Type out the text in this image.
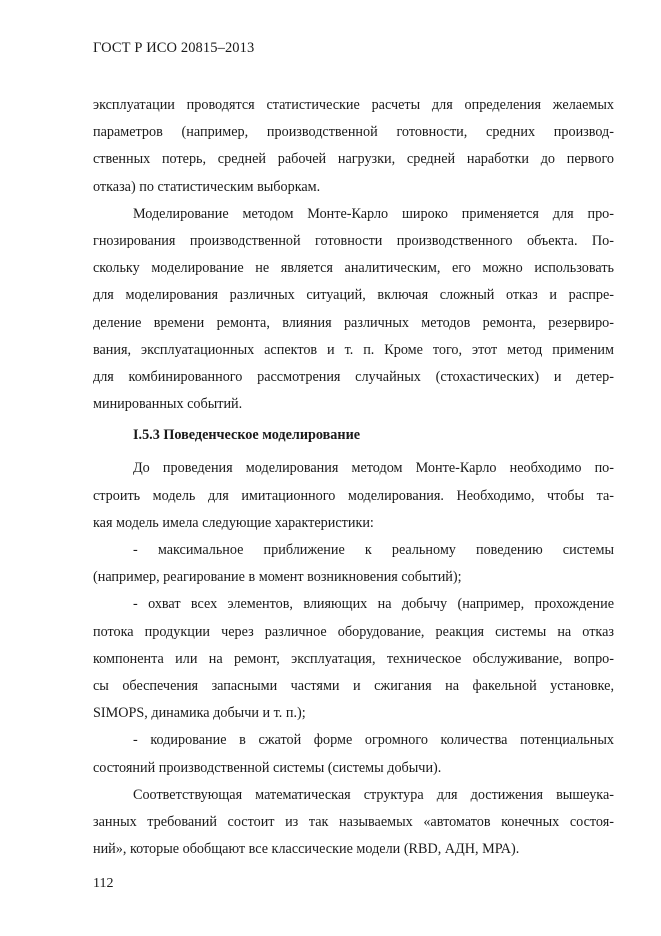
ГОСТ Р ИСО 20815–2013
эксплуатации проводятся статистические расчеты для определения желаемых
параметров (например, производственной готовности, средних производ-
ственных потерь, средней рабочей нагрузки, средней наработки до первого
отказа) по статистическим выборкам.
Моделирование методом Монте-Карло широко применяется для про-
гнозирования производственной готовности производственного объекта. По-
скольку моделирование не является аналитическим, его можно использовать
для моделирования различных ситуаций, включая сложный отказ и распре-
деление времени ремонта, влияния различных методов ремонта, резервиро-
вания, эксплуатационных аспектов и т. п. Кроме того, этот метод применим
для комбинированного рассмотрения случайных (стохастических) и детер-
минированных событий.
I.5.3 Поведенческое моделирование
До проведения моделирования методом Монте-Карло необходимо по-
строить модель для имитационного моделирования. Необходимо, чтобы та-
кая модель имела следующие характеристики:
- максимальное приближение к реальному поведению системы
(например, реагирование в момент возникновения событий);
- охват всех элементов, влияющих на добычу (например, прохождение
потока продукции через различное оборудование, реакция системы на отказ
компонента или на ремонт, эксплуатация, техническое обслуживание, вопро-
сы обеспечения запасными частями и сжигания на факельной установке,
SIMOPS, динамика добычи и т. п.);
- кодирование в сжатой форме огромного количества потенциальных
состояний производственной системы (системы добычи).
Соответствующая математическая структура для достижения вышеука-
занных требований состоит из так называемых «автоматов конечных состоя-
ний», которые обобщают все классические модели (RBD, АДН, МРА).
112
